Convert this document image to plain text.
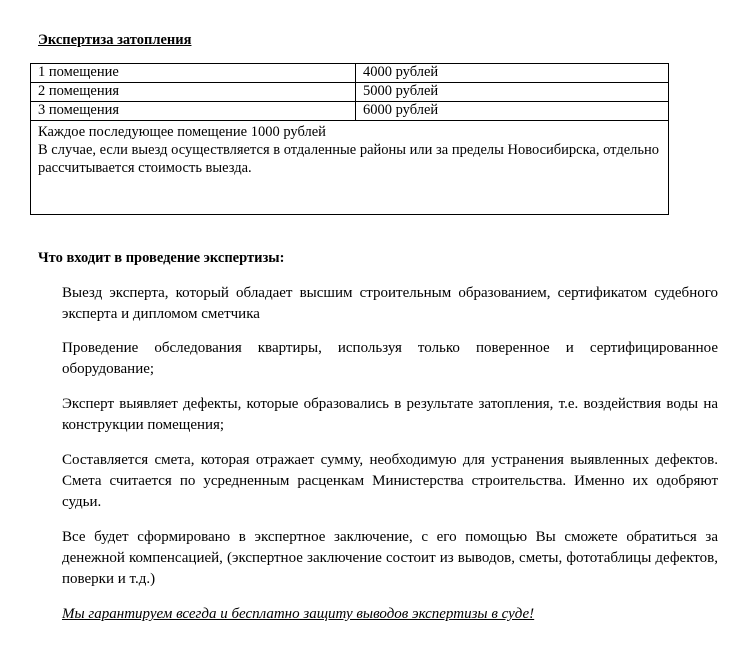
Экспертиза затопления
1 помещение	4000 рублей
2 помещения	5000 рублей
3 помещения	6000 рублей

Каждое последующее помещение 1000 рублей
В случае, если выезд осуществляется в отдаленные районы или за пределы Новосибирска, отдельно рассчитывается стоимость выезда.	
Что входит в проведение экспертизы:

Выезд эксперта, который обладает высшим строительным образованием, сертификатом судебного эксперта и дипломом сметчика

Проведение обследования квартиры, используя только поверенное и сертифицированное оборудование;

Эксперт выявляет дефекты, которые образовались в результате затопления, т.е. воздействия воды на конструкции помещения;

Составляется смета, которая отражает сумму, необходимую для устранения выявленных дефектов. Смета считается по усредненным расценкам Министерства строительства. Именно их одобряют судьи.

Все будет сформировано в экспертное заключение, с его помощью Вы сможете обратиться за денежной компенсацией, (экспертное заключение состоит из выводов, сметы, фототаблицы дефектов, поверки и т.д.)

Мы гарантируем всегда и бесплатно защиту выводов экспертизы в суде!
